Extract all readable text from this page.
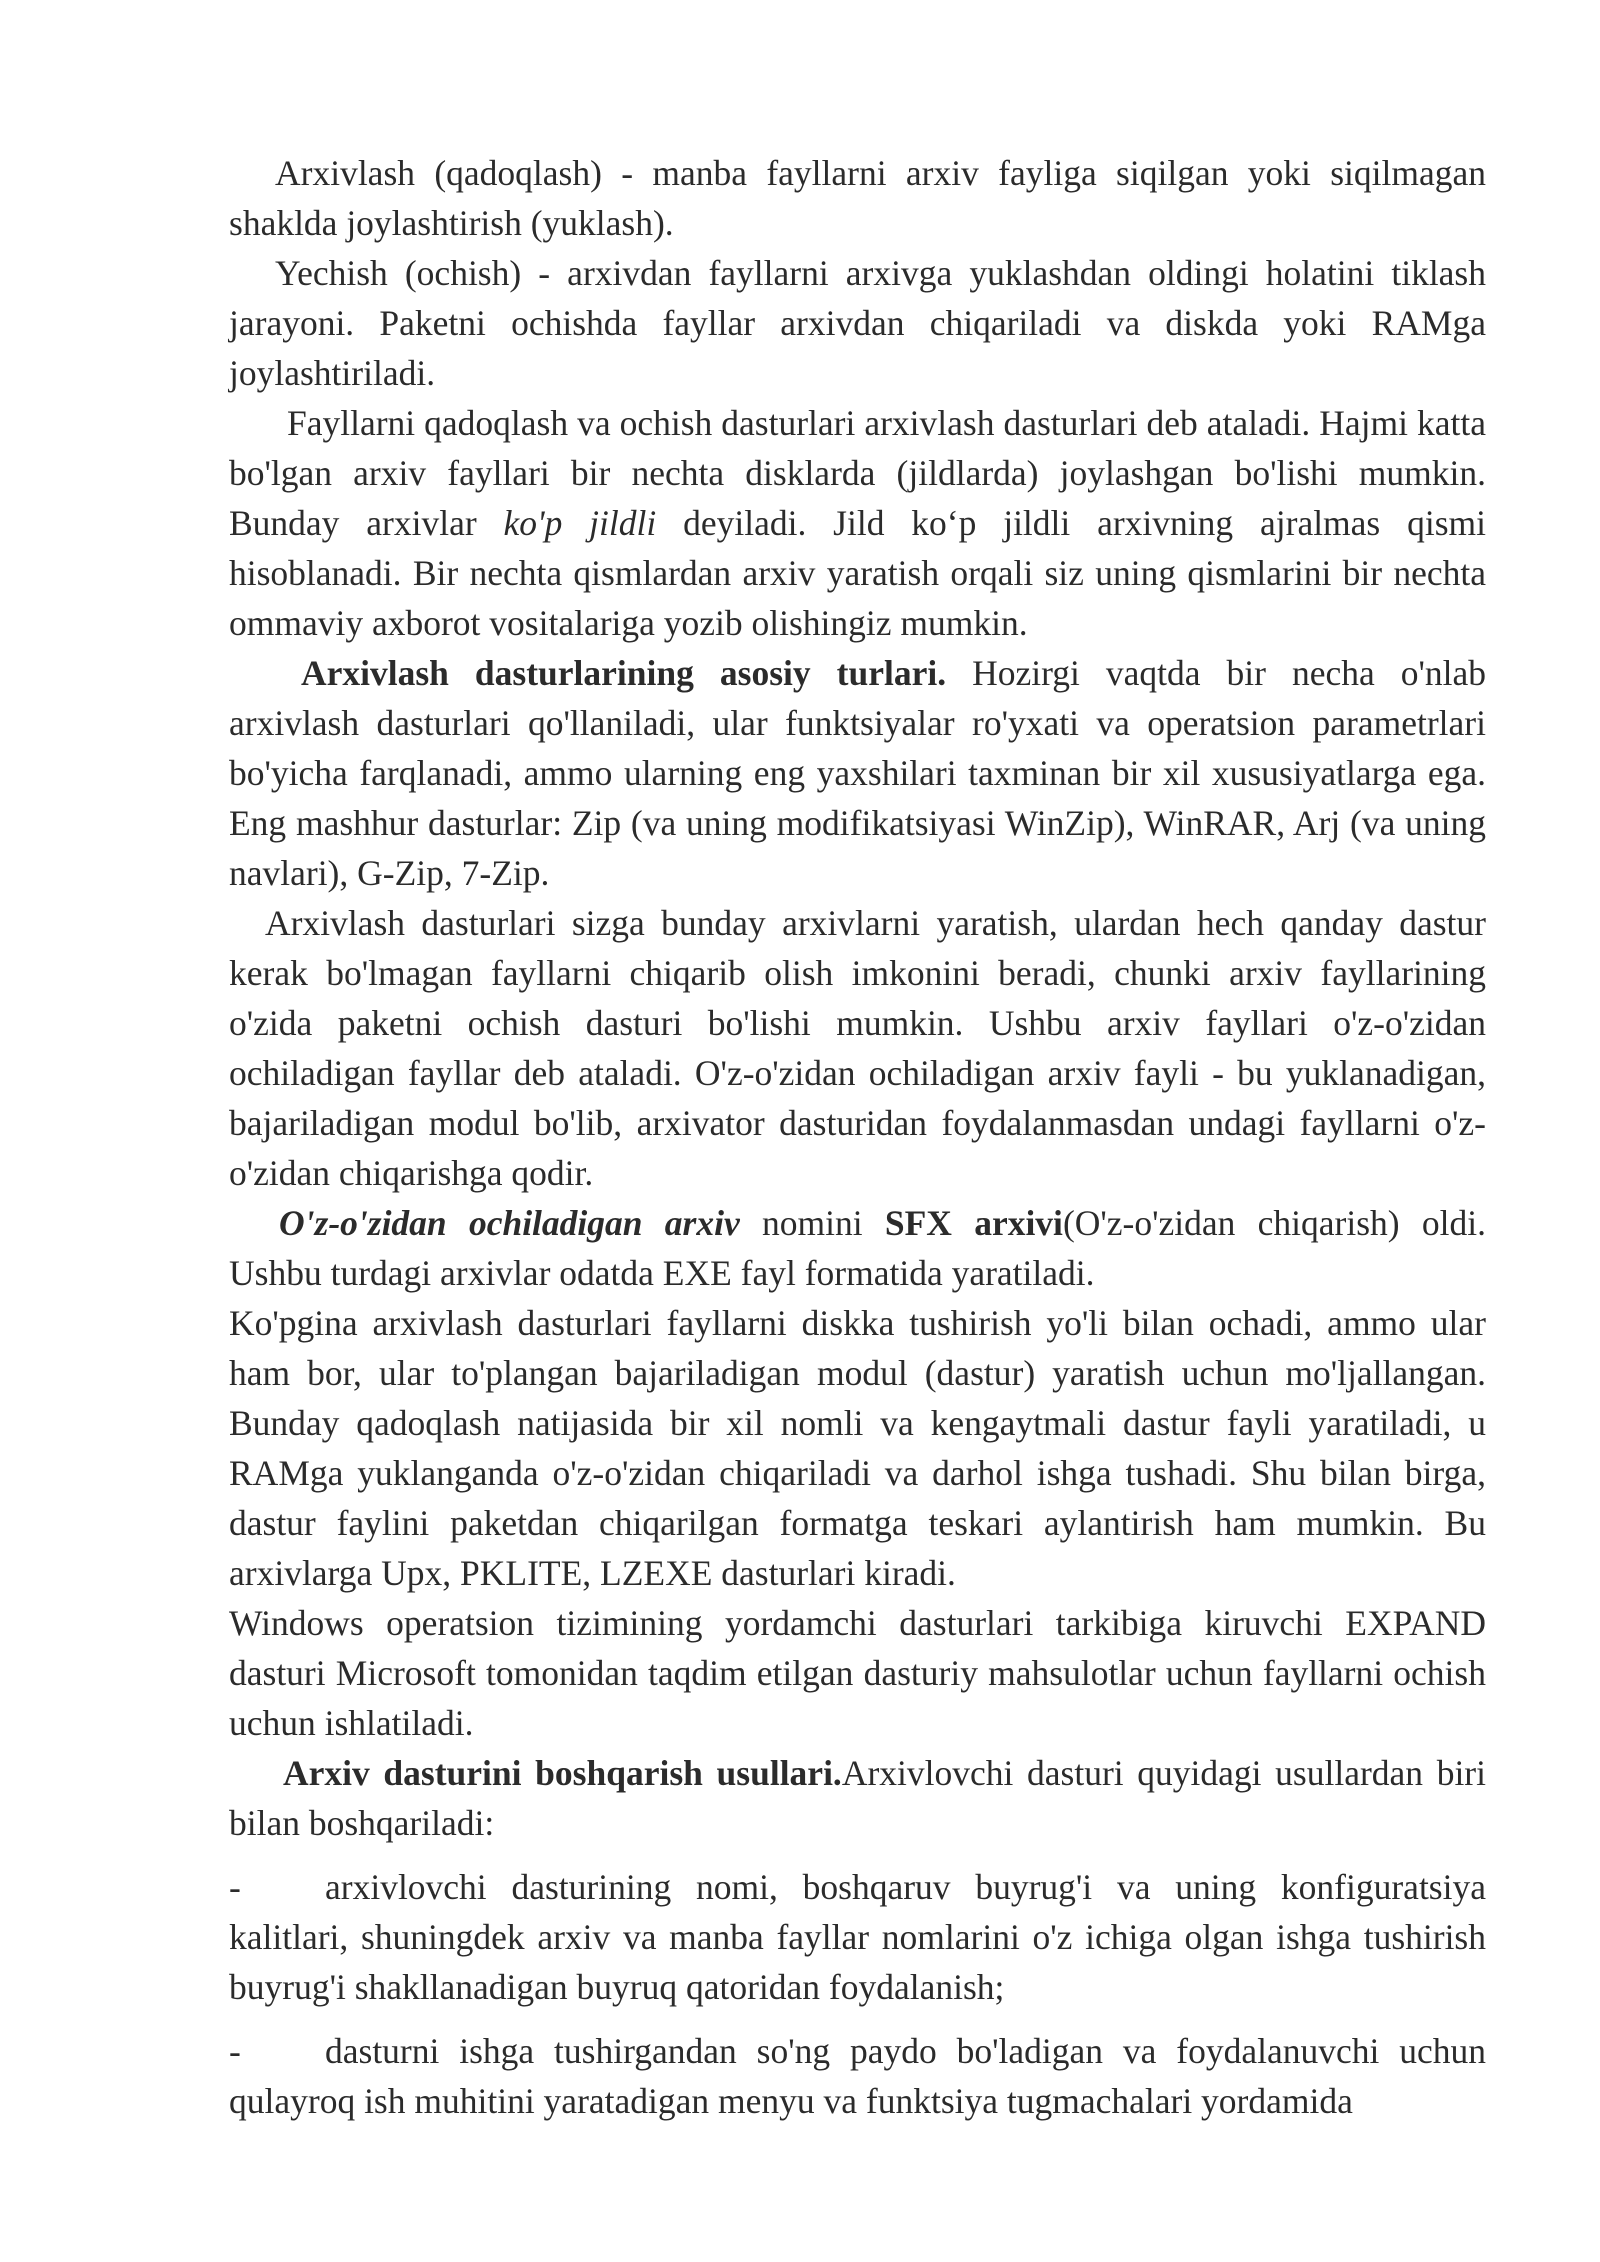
Arxivlash (qadoqlash) - manba fayllarni arxiv fayliga siqilgan yoki siqilmagan shaklda joylashtirish (yuklash).

Yechish (ochish) - arxivdan fayllarni arxivga yuklashdan oldingi holatini tiklash jarayoni. Paketni ochishda fayllar arxivdan chiqariladi va diskda yoki RAMga joylashtiriladi.

Fayllarni qadoqlash va ochish dasturlari arxivlash dasturlari deb ataladi. Hajmi katta bo'lgan arxiv fayllari bir nechta disklarda (jildlarda) joylashgan bo'lishi mumkin. Bunday arxivlar ko'p jildli deyiladi. Jild ko‘p jildli arxivning ajralmas qismi hisoblanadi. Bir nechta qismlardan arxiv yaratish orqali siz uning qismlarini bir nechta ommaviy axborot vositalariga yozib olishingiz mumkin.

Arxivlash dasturlarining asosiy turlari. Hozirgi vaqtda bir necha o'nlab arxivlash dasturlari qo'llaniladi, ular funktsiyalar ro'yxati va operatsion parametrlari bo'yicha farqlanadi, ammo ularning eng yaxshilari taxminan bir xil xususiyatlarga ega. Eng mashhur dasturlar: Zip (va uning modifikatsiyasi WinZip), WinRAR, Arj (va uning navlari), G-Zip, 7-Zip.

Arxivlash dasturlari sizga bunday arxivlarni yaratish, ulardan hech qanday dastur kerak bo'lmagan fayllarni chiqarib olish imkonini beradi, chunki arxiv fayllarining o'zida paketni ochish dasturi bo'lishi mumkin. Ushbu arxiv fayllari o'z-o'zidan ochiladigan fayllar deb ataladi. O'z-o'zidan ochiladigan arxiv fayli - bu yuklanadigan, bajariladigan modul bo'lib, arxivator dasturidan foydalanmasdan undagi fayllarni o'z-o'zidan chiqarishga qodir.

O'z-o'zidan ochiladigan arxiv nomini SFX arxivi(O'z-o'zidan chiqarish) oldi. Ushbu turdagi arxivlar odatda EXE fayl formatida yaratiladi.

Ko'pgina arxivlash dasturlari fayllarni diskka tushirish yo'li bilan ochadi, ammo ular ham bor, ular to'plangan bajariladigan modul (dastur) yaratish uchun mo'ljallangan. Bunday qadoqlash natijasida bir xil nomli va kengaytmali dastur fayli yaratiladi, u RAMga yuklanganda o'z-o'zidan chiqariladi va darhol ishga tushadi. Shu bilan birga, dastur faylini paketdan chiqarilgan formatga teskari aylantirish ham mumkin. Bu arxivlarga Upx, PKLITE, LZEXE dasturlari kiradi.

Windows operatsion tizimining yordamchi dasturlari tarkibiga kiruvchi EXPAND dasturi Microsoft tomonidan taqdim etilgan dasturiy mahsulotlar uchun fayllarni ochish uchun ishlatiladi.

Arxiv dasturini boshqarish usullari.Arxivlovchi dasturi quyidagi usullardan biri bilan boshqariladi:

- arxivlovchi dasturining nomi, boshqaruv buyrug'i va uning konfiguratsiya kalitlari, shuningdek arxiv va manba fayllar nomlarini o'z ichiga olgan ishga tushirish buyrug'i shakllanadigan buyruq qatoridan foydalanish;

- dasturni ishga tushirgandan so'ng paydo bo'ladigan va foydalanuvchi uchun qulayroq ish muhitini yaratadigan menyu va funktsiya tugmachalari yordamida
